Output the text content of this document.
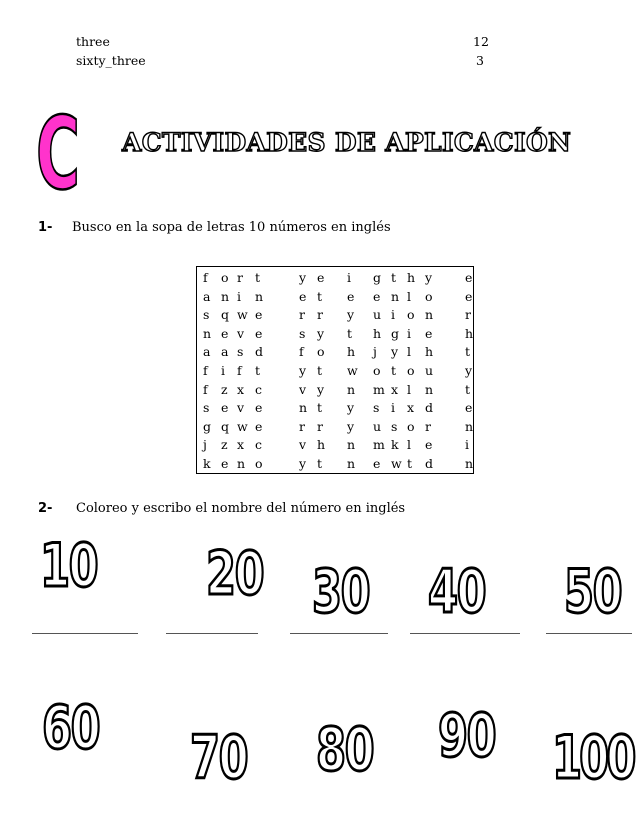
three	12
sixty_three	3
C ACTIVIDADES DE APLICACIÓN
1- Busco en la sopa de letras 10 números en inglés
f o r t	y e i g t h y	e
a n i n	e t e e n l o	e
s q w e	r r y u i o n	r
n e v e	s y t h g i e	h
a a s d	f o h j y l h	t
f i f t	y t w o t o u	y
f z x c	v y n m x l n	t
s e v e	n t y s i x d	e
g q w e	r r y u s o r	n
j z x c	v h n m k l e	i
k e n o	y t n e w t d	n
2- Coloreo y escribo el nombre del número en inglés
10 20 30 40 50
60 70 80 90 100
